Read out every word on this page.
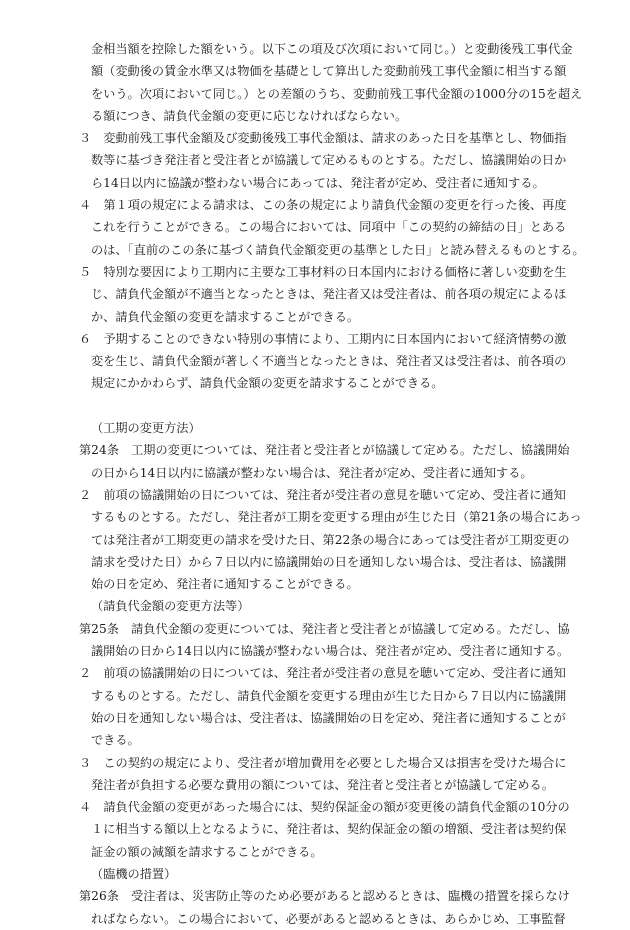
金相当額を控除した額をいう。以下この項及び次項において同じ。）と変動後残工事代金
額（変動後の賃金水準又は物価を基礎として算出した変動前残工事代金額に相当する額
をいう。次項において同じ。）との差額のうち、変動前残工事代金額の1000分の15を超え
る額につき、請負代金額の変更に応じなければならない。
３　変動前残工事代金額及び変動後残工事代金額は、請求のあった日を基準とし、物価指
数等に基づき発注者と受注者とが協議して定めるものとする。ただし、協議開始の日か
ら14日以内に協議が整わない場合にあっては、発注者が定め、受注者に通知する。
４　第１項の規定による請求は、この条の規定により請負代金額の変更を行った後、再度
これを行うことができる。この場合においては、同項中「この契約の締結の日」とある
のは、「直前のこの条に基づく請負代金額変更の基準とした日」と読み替えるものとする。
５　特別な要因により工期内に主要な工事材料の日本国内における価格に著しい変動を生
じ、請負代金額が不適当となったときは、発注者又は受注者は、前各項の規定によるほ
か、請負代金額の変更を請求することができる。
６　予期することのできない特別の事情により、工期内に日本国内において経済情勢の激
変を生じ、請負代金額が著しく不適当となったときは、発注者又は受注者は、前各項の
規定にかかわらず、請負代金額の変更を請求することができる。
（工期の変更方法）
第24条　工期の変更については、発注者と受注者とが協議して定める。ただし、協議開始
の日から14日以内に協議が整わない場合は、発注者が定め、受注者に通知する。
２　前項の協議開始の日については、発注者が受注者の意見を聴いて定め、受注者に通知
するものとする。ただし、発注者が工期を変更する理由が生じた日（第21条の場合にあっ
ては発注者が工期変更の請求を受けた日、第22条の場合にあっては受注者が工期変更の
請求を受けた日）から７日以内に協議開始の日を通知しない場合は、受注者は、協議開
始の日を定め、発注者に通知することができる。
（請負代金額の変更方法等）
第25条　請負代金額の変更については、発注者と受注者とが協議して定める。ただし、協
議開始の日から14日以内に協議が整わない場合は、発注者が定め、受注者に通知する。
２　前項の協議開始の日については、発注者が受注者の意見を聴いて定め、受注者に通知
するものとする。ただし、請負代金額を変更する理由が生じた日から７日以内に協議開
始の日を通知しない場合は、受注者は、協議開始の日を定め、発注者に通知することが
できる。
３　この契約の規定により、受注者が増加費用を必要とした場合又は損害を受けた場合に
発注者が負担する必要な費用の額については、発注者と受注者とが協議して定める。
４　請負代金額の変更があった場合には、契約保証金の額が変更後の請負代金額の10分の
１に相当する額以上となるように、発注者は、契約保証金の額の増額、受注者は契約保
証金の額の減額を請求することができる。
（臨機の措置）
第26条　受注者は、災害防止等のため必要があると認めるときは、臨機の措置を採らなけ
ればならない。この場合において、必要があると認めるときは、あらかじめ、工事監督
